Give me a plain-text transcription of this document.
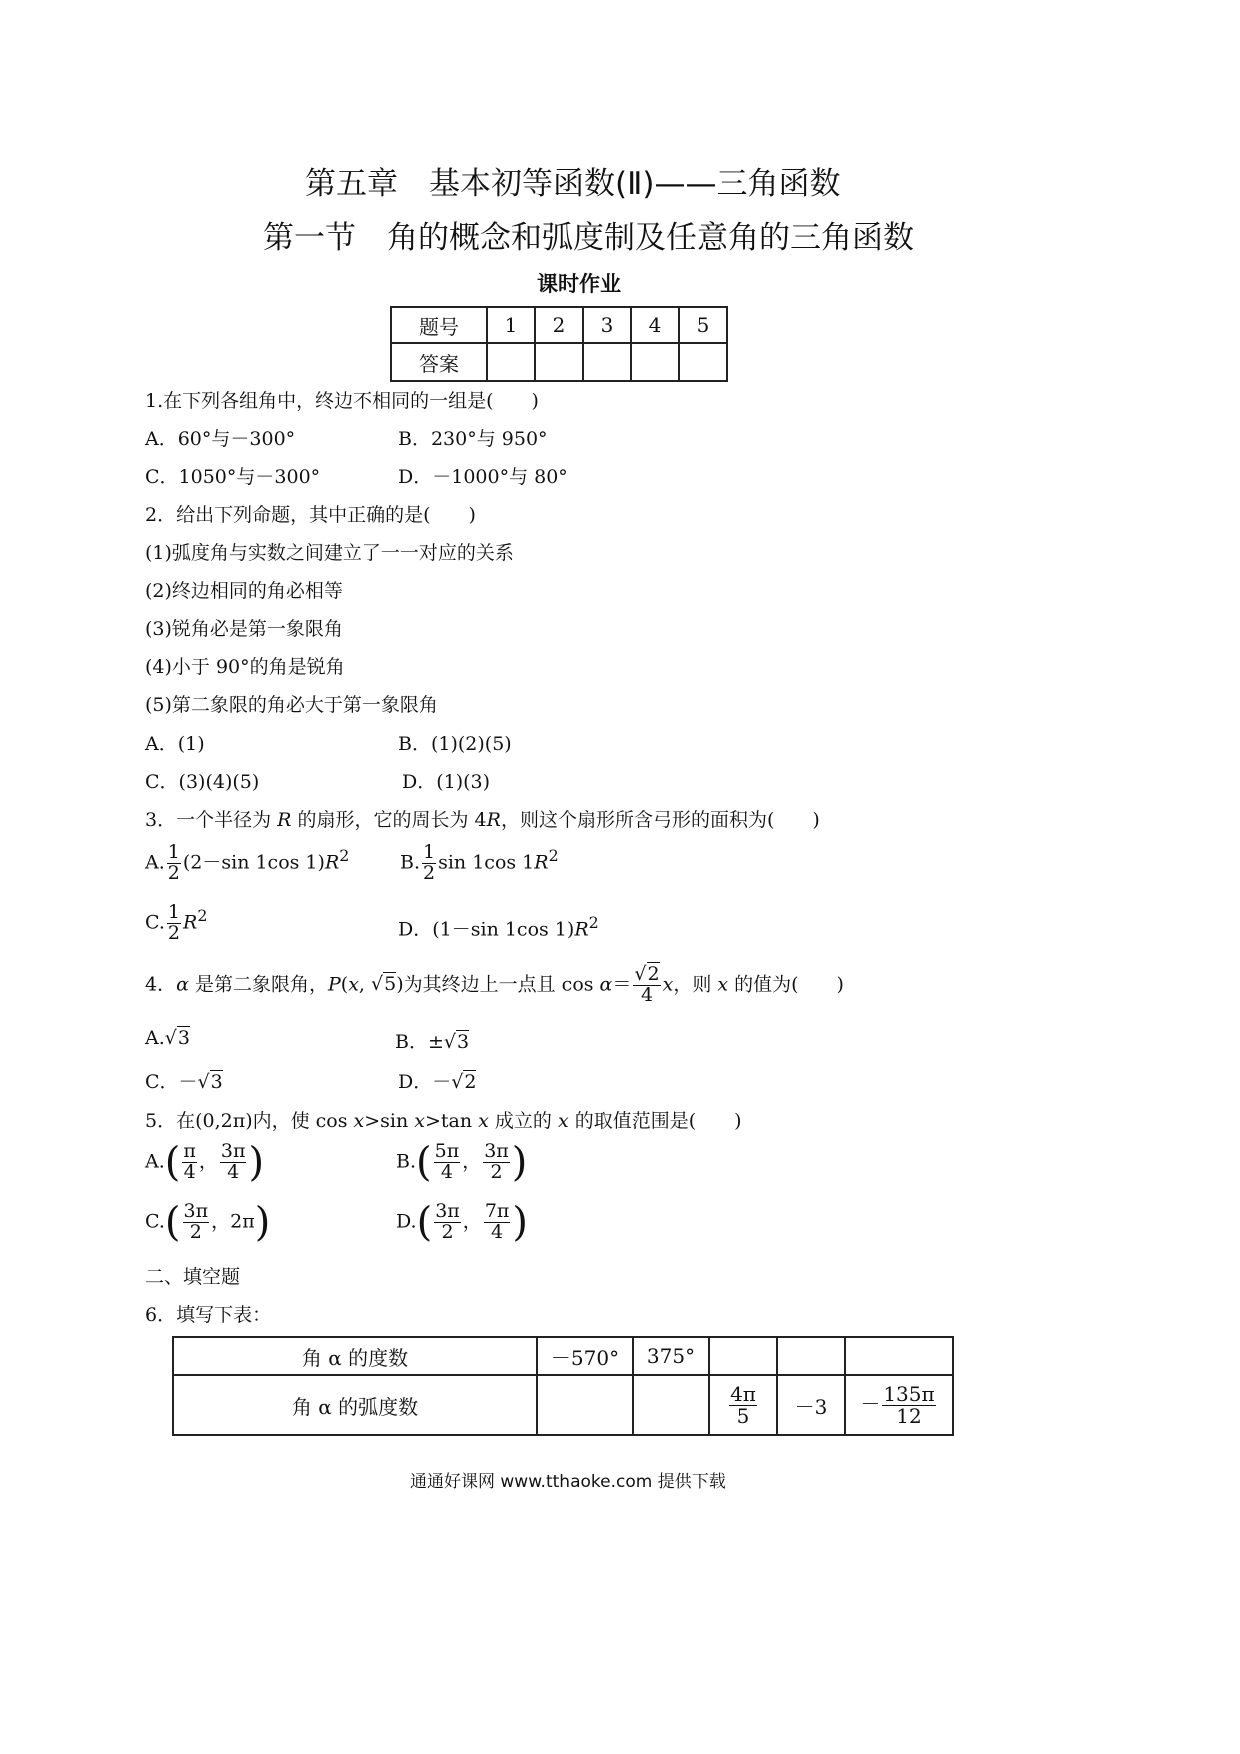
第五章　基本初等函数(Ⅱ)——三角函数
第一节　角的概念和弧度制及任意角的三角函数
课时作业
题号	1	2	3	4	5
答案					
1.在下列各组角中，终边不相同的一组是(　　)
A．60°与－300°	B．230°与 950°
C．1050°与－300°	D．－1000°与 80°
2．给出下列命题，其中正确的是(　　)
(1)弧度角与实数之间建立了一一对应的关系
(2)终边相同的角必相等
(3)锐角必是第一象限角
(4)小于 90°的角是锐角
(5)第二象限的角必大于第一象限角
A．(1)	B．(1)(2)(5)
C．(3)(4)(5)	D．(1)(3)
3．一个半径为 R 的扇形，它的周长为 4R，则这个扇形所含弓形的面积为(　　)
A. $\frac{1}{2} (2-\sin$ 1cos $1)R^2$	B. $\frac{1}{2}$ sin 1cos $1R^2$
C. $\frac{1}{2} R^2$
D．(1－sin 1cos $1)R^2$
4．α 是第二象限角，P(x, √5)为其终边上一点且 $\cos \alpha= \frac{√2}{4}$ x，则 x 的值为(　　)
A.√3	B．±√3
C．－√3	D．－√2
5．在(0,2π)内，使 cos x>sin x>tan x 成立的 x 的取值范围是(　　)
$A.( \frac{\pi}{4}$ ， $\frac{3\pi}{4}$ )	$B.( \frac{5\pi}{4}$ ， $\frac{3\pi}{2}$ )
$C.( \frac{3\pi}{2}$ ，2π)	$D.( \frac{3\pi}{2}$ ， $\frac{7\pi}{4}$ )
二、填空题
6．填写下表：
角 α 的度数	－570°	375°			
角 α 的弧度数			$\frac{4\pi}{5}$	－3	－ $\frac{135\pi}{12}$
通通好课网 www.tthaoke.com 提供下载
